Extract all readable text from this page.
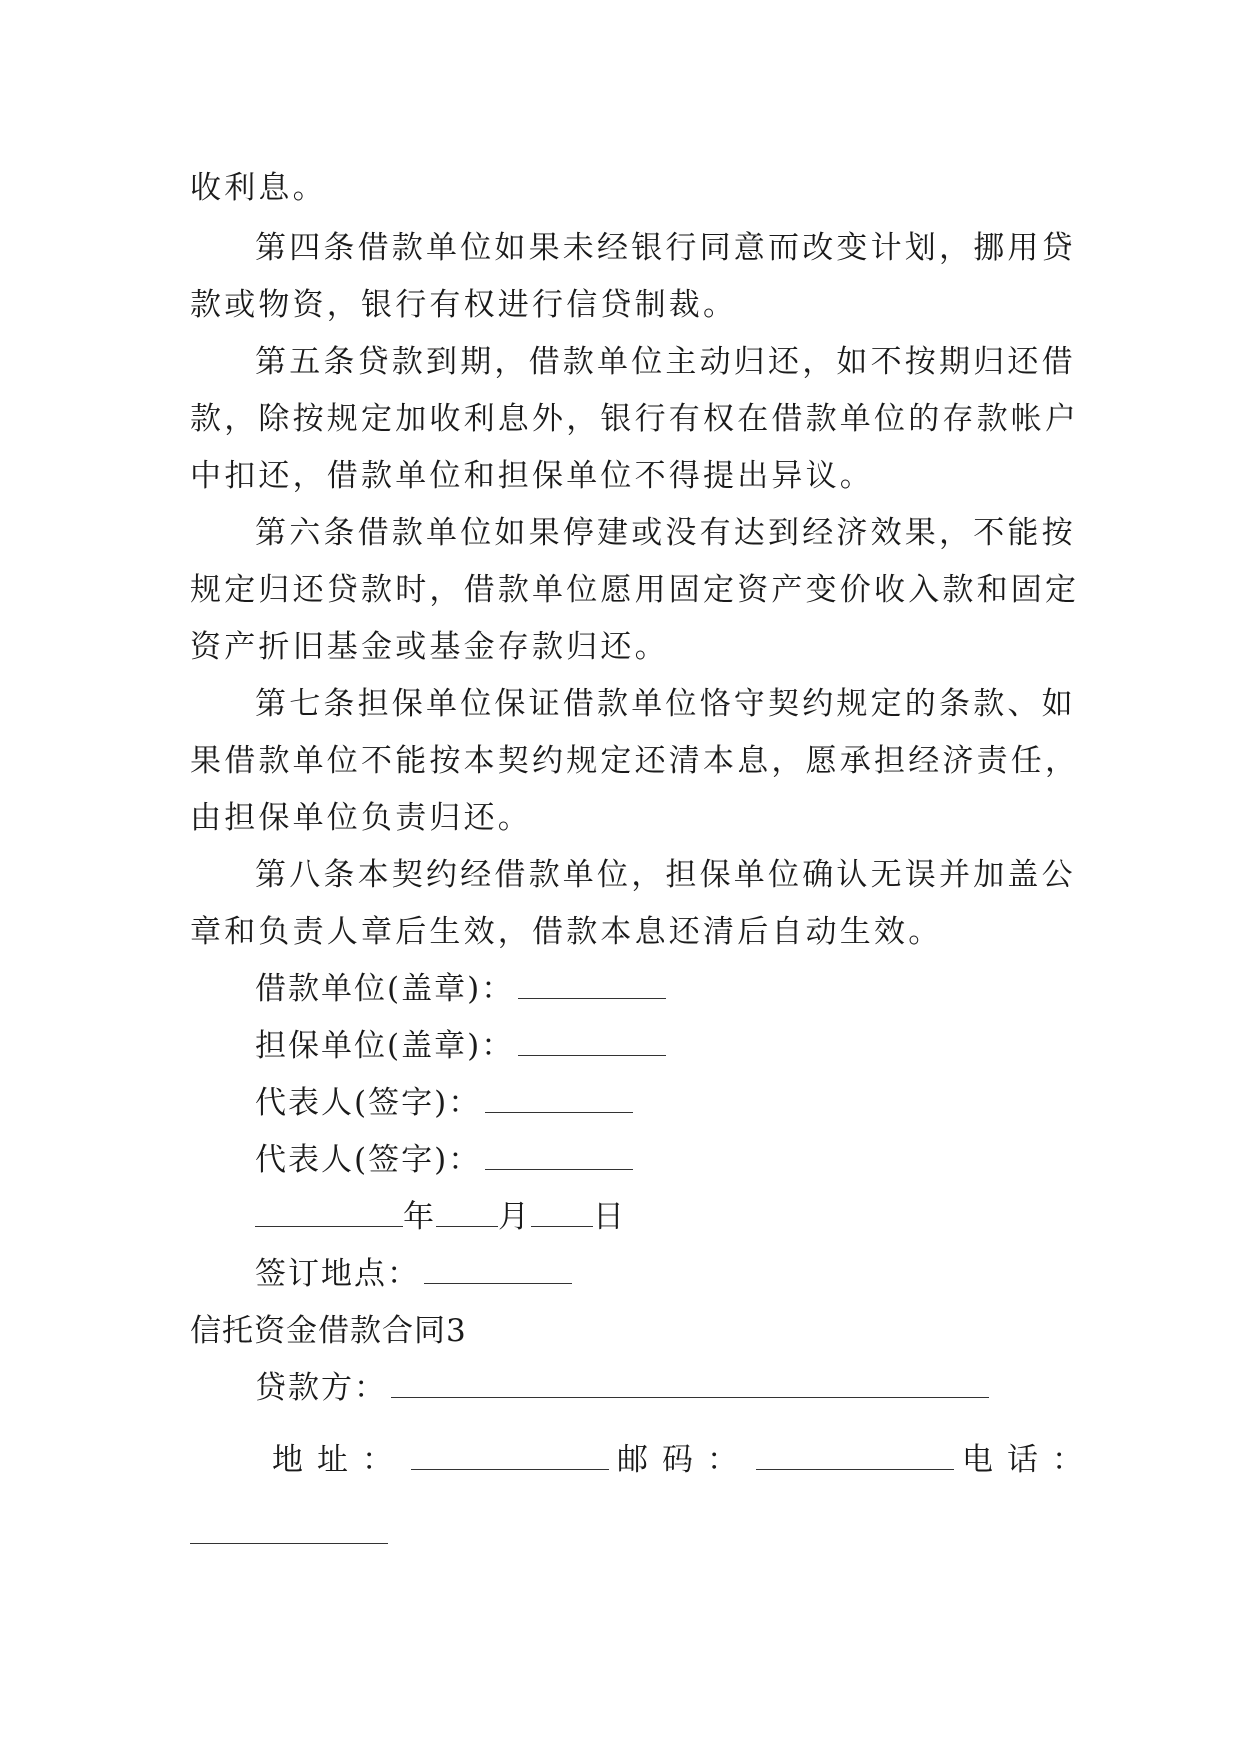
收利息。
第四条借款单位如果未经银行同意而改变计划，挪用贷
款或物资，银行有权进行信贷制裁。
第五条贷款到期，借款单位主动归还，如不按期归还借
款，除按规定加收利息外，银行有权在借款单位的存款帐户
中扣还，借款单位和担保单位不得提出异议。
第六条借款单位如果停建或没有达到经济效果，不能按
规定归还贷款时，借款单位愿用固定资产变价收入款和固定
资产折旧基金或基金存款归还。
第七条担保单位保证借款单位恪守契约规定的条款、如
果借款单位不能按本契约规定还清本息，愿承担经济责任，
由担保单位负责归还。
第八条本契约经借款单位，担保单位确认无误并加盖公
章和负责人章后生效，借款本息还清后自动生效。
借款单位(盖章)：
担保单位(盖章)：
代表人(签字)：
代表人(签字)：
年 月 日
签订地点：
信托资金借款合同3
贷款方：
地址：	邮码：	电话：
